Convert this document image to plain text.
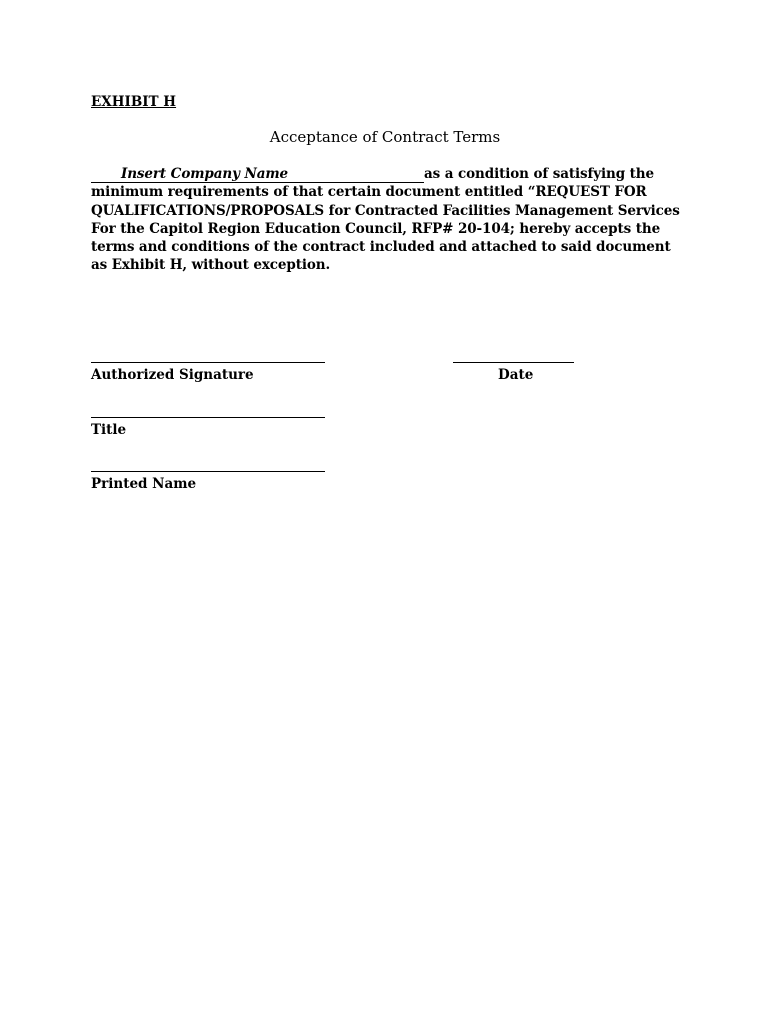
EXHIBIT H
Acceptance of Contract Terms
Insert Company Name	as a condition of satisfying the
minimum requirements of that certain document entitled “REQUEST FOR
QUALIFICATIONS/PROPOSALS for Contracted Facilities Management Services
For the Capitol Region Education Council, RFP# 20-104; hereby accepts the
terms and conditions of the contract included and attached to said document
as Exhibit H, without exception.
Authorized Signature	Date
Title
Printed Name
